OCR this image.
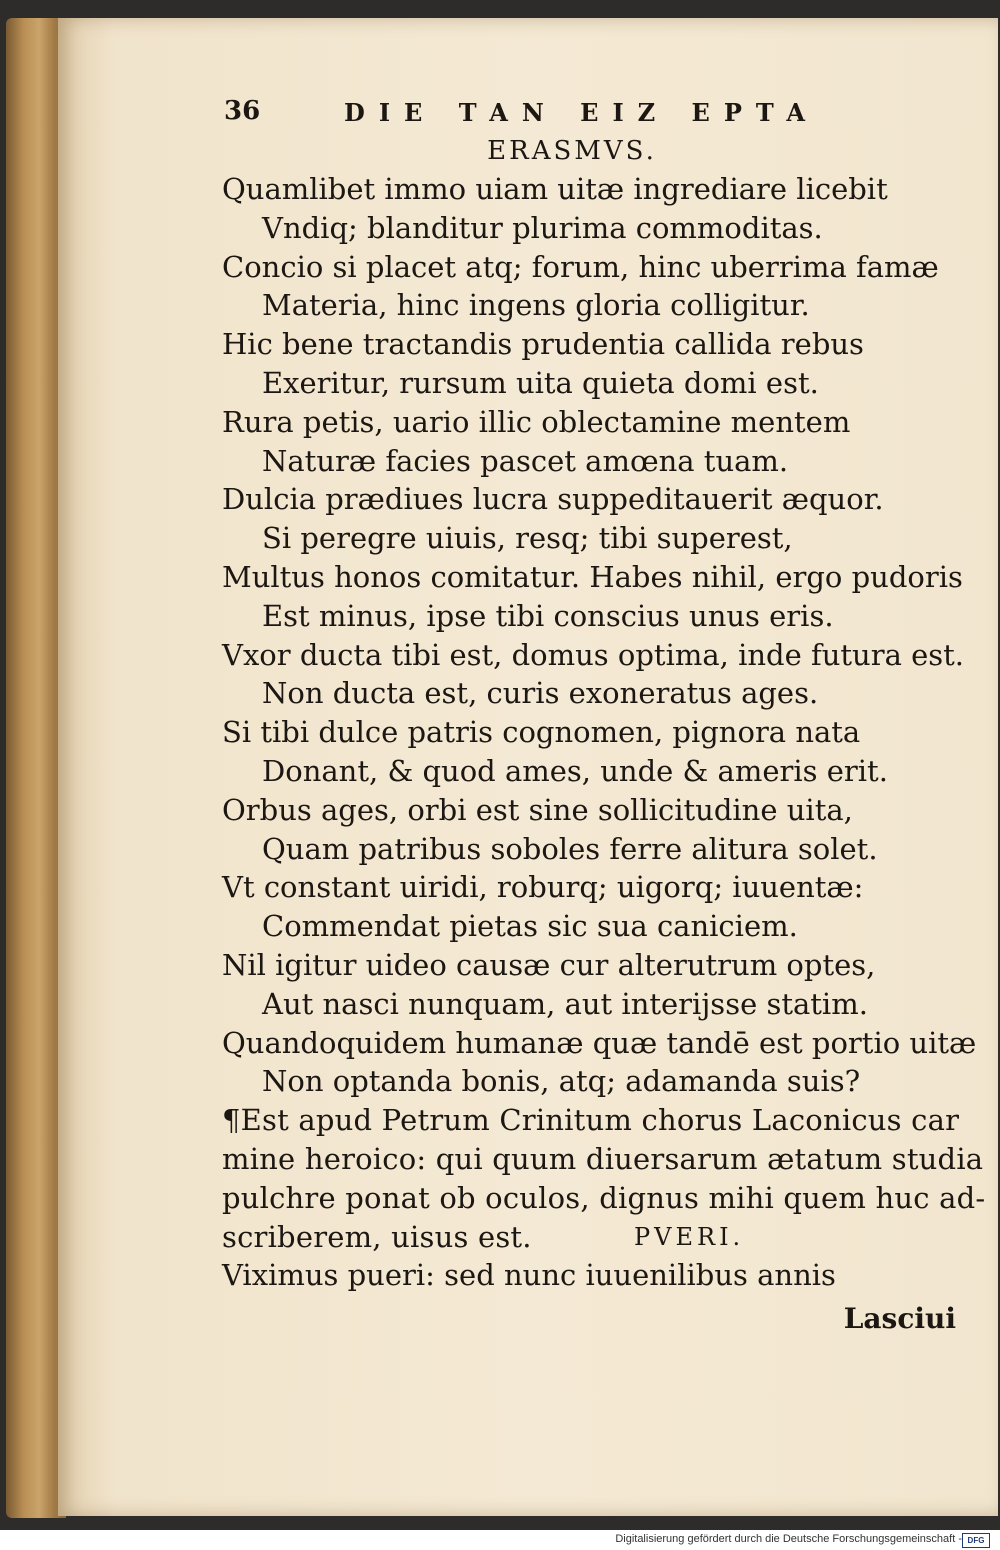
36	DIE TAN EIZ EPTA
ERASMVS.
Quamlibet immo uiam uitæ ingrediare licebit
Vndiq; blanditur plurima commoditas.
Concio si placet atq; forum, hinc uberrima famæ
Materia, hinc ingens gloria colligitur.
Hic bene tractandis prudentia callida rebus
Exeritur, rursum uita quieta domi est.
Rura petis, uario illic oblectamine mentem
Naturæ facies pascet amœna tuam.
Dulcia prædiues lucra suppeditauerit æquor.
Si peregre uiuis, resq; tibi superest,
Multus honos comitatur. Habes nihil, ergo pudoris
Est minus, ipse tibi conscius unus eris.
Vxor ducta tibi est, domus optima, inde futura est.
Non ducta est, curis exoneratus ages.
Si tibi dulce patris cognomen, pignora nata
Donant, & quod ames, unde & ameris erit.
Orbus ages, orbi est sine sollicitudine uita,
Quam patribus soboles ferre alitura solet.
Vt constant uiridi, roburq; uigorq; iuuentæ:
Commendat pietas sic sua caniciem.
Nil igitur uideo causæ cur alterutrum optes,
Aut nasci nunquam, aut interijsse statim.
Quandoquidem humanæ quæ tandē est portio uitæ
Non optanda bonis, atq; adamanda suis?
¶Est apud Petrum Crinitum chorus Laconicus car
mine heroico: qui quum diuersarum ætatum studia
pulchre ponat ob oculos, dignus mihi quem huc ad-
scriberem, uisus est.	PVERI.
Viximus pueri: sed nunc iuuenilibus annis
Lasciui
Digitalisierung gefördert durch die Deutsche Forschungsgemeinschaft - DFG
